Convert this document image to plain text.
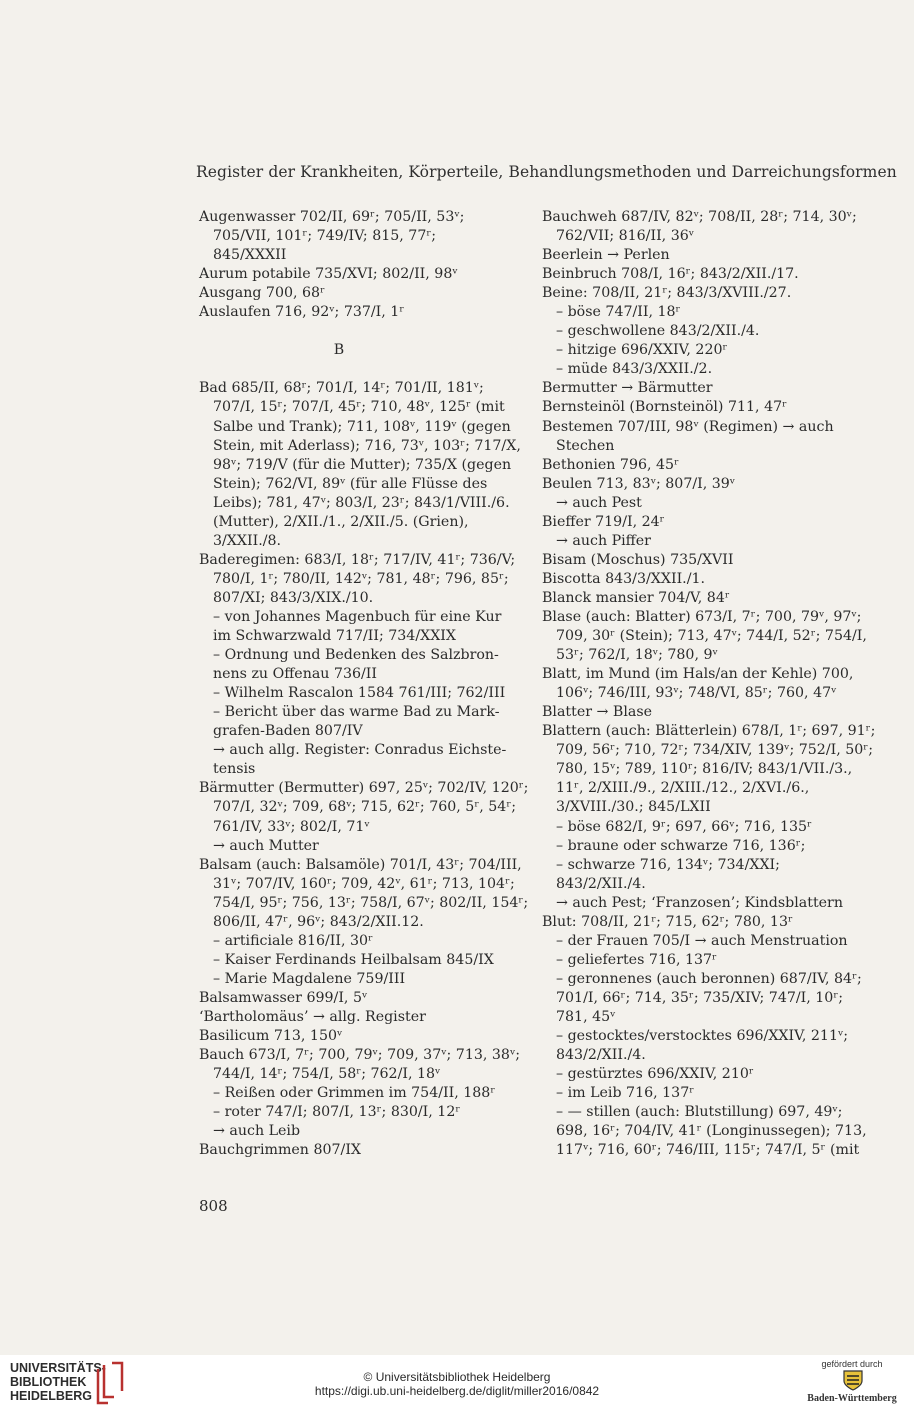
Register der Krankheiten, Körperteile, Behandlungsmethoden und Darreichungsformen
Augenwasser 702/II, 69ʳ; 705/II, 53ᵛ;
705/VII, 101ʳ; 749/IV; 815, 77ʳ;
845/XXXII
Aurum potabile 735/XVI; 802/II, 98ᵛ
Ausgang 700, 68ʳ
Auslaufen 716, 92ᵛ; 737/I, 1ʳ
B
Bad 685/II, 68ʳ; 701/I, 14ʳ; 701/II, 181ᵛ;
707/I, 15ʳ; 707/I, 45ʳ; 710, 48ᵛ, 125ʳ (mit
Salbe und Trank); 711, 108ᵛ, 119ᵛ (gegen
Stein, mit Aderlass); 716, 73ᵛ, 103ʳ; 717/X,
98ᵛ; 719/V (für die Mutter); 735/X (gegen
Stein); 762/VI, 89ᵛ (für alle Flüsse des
Leibs); 781, 47ᵛ; 803/I, 23ʳ; 843/1/VIII./6.
(Mutter), 2/XII./1., 2/XII./5. (Grien),
3/XXII./8.
Baderegimen: 683/I, 18ʳ; 717/IV, 41ʳ; 736/V;
780/I, 1ʳ; 780/II, 142ᵛ; 781, 48ʳ; 796, 85ʳ;
807/XI; 843/3/XIX./10.
– von Johannes Magenbuch für eine Kur
im Schwarzwald 717/II; 734/XXIX
– Ordnung und Bedenken des Salzbron-
nens zu Offenau 736/II
– Wilhelm Rascalon 1584 761/III; 762/III
– Bericht über das warme Bad zu Mark-
grafen-Baden 807/IV
→ auch allg. Register: Conradus Eichste-
tensis
Bärmutter (Bermutter) 697, 25ᵛ; 702/IV, 120ʳ;
707/I, 32ᵛ; 709, 68ᵛ; 715, 62ʳ; 760, 5ʳ, 54ʳ;
761/IV, 33ᵛ; 802/I, 71ᵛ
→ auch Mutter
Balsam (auch: Balsamöle) 701/I, 43ʳ; 704/III,
31ᵛ; 707/IV, 160ʳ; 709, 42ᵛ, 61ʳ; 713, 104ʳ;
754/I, 95ʳ; 756, 13ʳ; 758/I, 67ᵛ; 802/II, 154ʳ;
806/II, 47ʳ, 96ᵛ; 843/2/XII.12.
– artificiale 816/II, 30ʳ
– Kaiser Ferdinands Heilbalsam 845/IX
– Marie Magdalene 759/III
Balsamwasser 699/I, 5ᵛ
‘Bartholomäus’ → allg. Register
Basilicum 713, 150ᵛ
Bauch 673/I, 7ʳ; 700, 79ᵛ; 709, 37ᵛ; 713, 38ᵛ;
744/I, 14ʳ; 754/I, 58ʳ; 762/I, 18ᵛ
– Reißen oder Grimmen im 754/II, 188ʳ
– roter 747/I; 807/I, 13ʳ; 830/I, 12ʳ
→ auch Leib
Bauchgrimmen 807/IX
Bauchweh 687/IV, 82ᵛ; 708/II, 28ʳ; 714, 30ᵛ;
762/VII; 816/II, 36ᵛ
Beerlein → Perlen
Beinbruch 708/I, 16ʳ; 843/2/XII./17.
Beine: 708/II, 21ʳ; 843/3/XVIII./27.
– böse 747/II, 18ʳ
– geschwollene 843/2/XII./4.
– hitzige 696/XXIV, 220ʳ
– müde 843/3/XXII./2.
Bermutter → Bärmutter
Bernsteinöl (Bornsteinöl) 711, 47ʳ
Bestemen 707/III, 98ᵛ (Regimen) → auch
Stechen
Bethonien 796, 45ʳ
Beulen 713, 83ᵛ; 807/I, 39ᵛ
→ auch Pest
Bieffer 719/I, 24ʳ
→ auch Piffer
Bisam (Moschus) 735/XVII
Biscotta 843/3/XXII./1.
Blanck mansier 704/V, 84ʳ
Blase (auch: Blatter) 673/I, 7ʳ; 700, 79ᵛ, 97ᵛ;
709, 30ʳ (Stein); 713, 47ᵛ; 744/I, 52ʳ; 754/I,
53ʳ; 762/I, 18ᵛ; 780, 9ᵛ
Blatt, im Mund (im Hals/an der Kehle) 700,
106ᵛ; 746/III, 93ᵛ; 748/VI, 85ʳ; 760, 47ᵛ
Blatter → Blase
Blattern (auch: Blätterlein) 678/I, 1ʳ; 697, 91ʳ;
709, 56ʳ; 710, 72ʳ; 734/XIV, 139ᵛ; 752/I, 50ʳ;
780, 15ᵛ; 789, 110ʳ; 816/IV; 843/1/VII./3.,
11ʳ, 2/XIII./9., 2/XIII./12., 2/XVI./6.,
3/XVIII./30.; 845/LXII
– böse 682/I, 9ʳ; 697, 66ᵛ; 716, 135ʳ
– braune oder schwarze 716, 136ʳ;
– schwarze 716, 134ᵛ; 734/XXI;
843/2/XII./4.
→ auch Pest; ‘Franzosen’; Kindsblattern
Blut: 708/II, 21ʳ; 715, 62ʳ; 780, 13ʳ
– der Frauen 705/I → auch Menstruation
– geliefertes 716, 137ʳ
– geronnenes (auch beronnen) 687/IV, 84ʳ;
701/I, 66ʳ; 714, 35ʳ; 735/XIV; 747/I, 10ʳ;
781, 45ᵛ
– gestocktes/verstocktes 696/XXIV, 211ᵛ;
843/2/XII./4.
– gestürztes 696/XXIV, 210ʳ
– im Leib 716, 137ʳ
– — stillen (auch: Blutstillung) 697, 49ᵛ;
698, 16ʳ; 704/IV, 41ʳ (Longinussegen); 713,
117ᵛ; 716, 60ʳ; 746/III, 115ʳ; 747/I, 5ʳ (mit
808
UNIVERSITÄTS-
BIBLIOTHEK
HEIDELBERG
© Universitätsbibliothek Heidelberg
https://digi.ub.uni-heidelberg.de/diglit/miller2016/0842
gefördert durch
Baden-Württemberg
